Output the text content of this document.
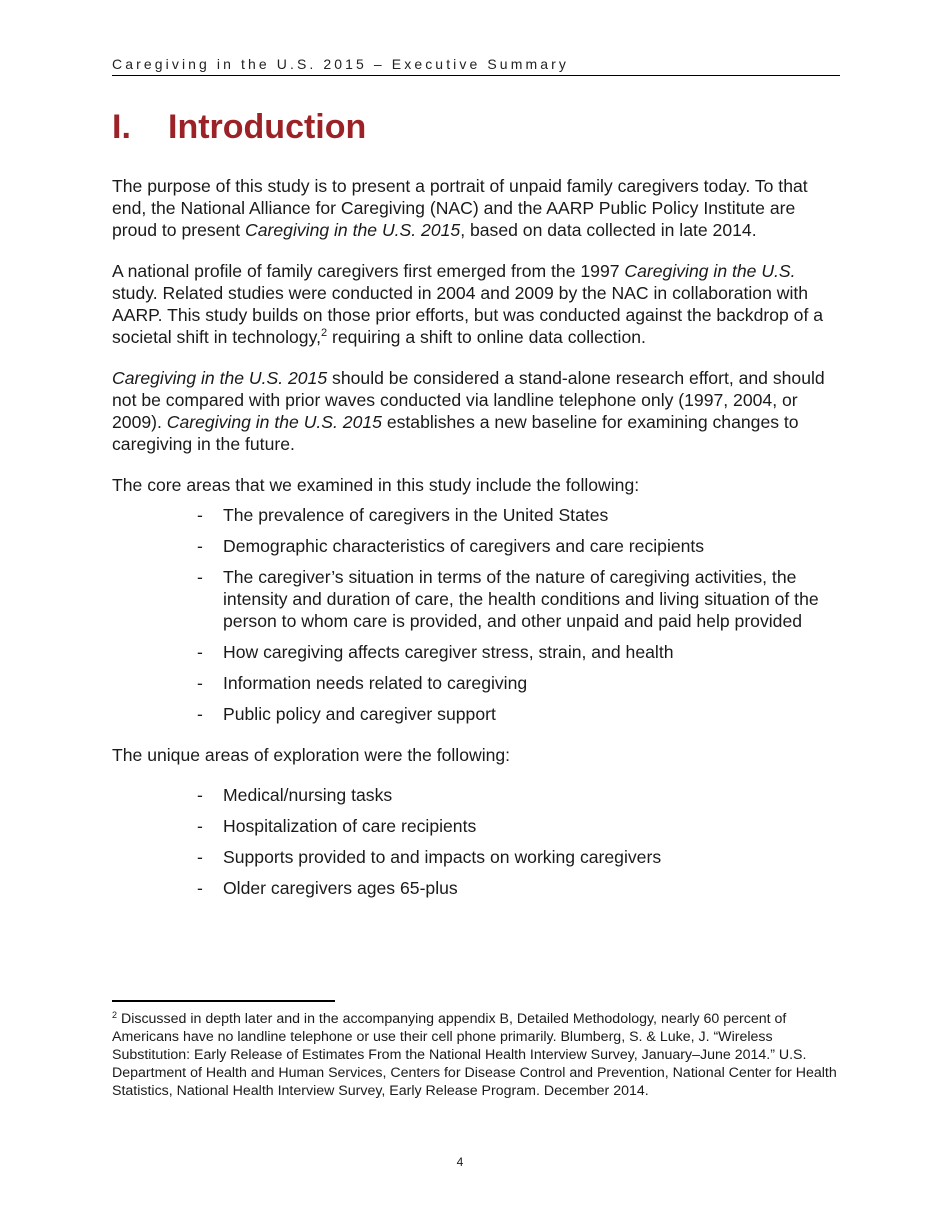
Caregiving in the U.S. 2015 – Executive Summary
I. Introduction

The purpose of this study is to present a portrait of unpaid family caregivers today. To that end, the National Alliance for Caregiving (NAC) and the AARP Public Policy Institute are proud to present Caregiving in the U.S. 2015, based on data collected in late 2014.

A national profile of family caregivers first emerged from the 1997 Caregiving in the U.S. study. Related studies were conducted in 2004 and 2009 by the NAC in collaboration with AARP. This study builds on those prior efforts, but was conducted against the backdrop of a societal shift in technology,$^2$ requiring a shift to online data collection.

Caregiving in the U.S. 2015 should be considered a stand-alone research effort, and should not be compared with prior waves conducted via landline telephone only (1997, 2004, or 2009). Caregiving in the U.S. 2015 establishes a new baseline for examining changes to caregiving in the future.

The core areas that we examined in this study include the following:

- The prevalence of caregivers in the United States
- Demographic characteristics of caregivers and care recipients
- The caregiver’s situation in terms of the nature of caregiving activities, the intensity and duration of care, the health conditions and living situation of the person to whom care is provided, and other unpaid and paid help provided
- How caregiving affects caregiver stress, strain, and health
- Information needs related to caregiving
- Public policy and caregiver support

The unique areas of exploration were the following:

- Medical/nursing tasks
- Hospitalization of care recipients
- Supports provided to and impacts on working caregivers
- Older caregivers ages 65-plus
$^2$ Discussed in depth later and in the accompanying appendix B, Detailed Methodology, nearly 60 percent of Americans have no landline telephone or use their cell phone primarily. Blumberg, S. & Luke, J. “Wireless Substitution: Early Release of Estimates From the National Health Interview Survey, January–June 2014.” U.S. Department of Health and Human Services, Centers for Disease Control and Prevention, National Center for Health Statistics, National Health Interview Survey, Early Release Program. December 2014.
4
